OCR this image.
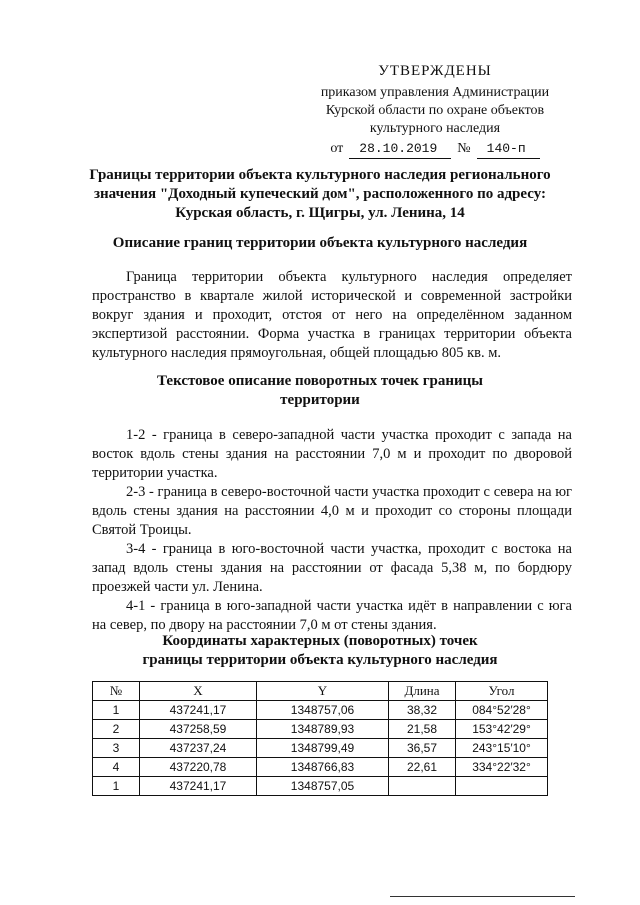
УТВЕРЖДЕНЫ
приказом управления Администрации
Курской области по охране объектов
культурного наследия
от	28.10.2019	№	140-п
Границы территории объекта культурного наследия регионального
значения "Доходный купеческий дом", расположенного по адресу:
Курская область, г. Щигры, ул. Ленина, 14
Описание границ территории объекта культурного наследия

Граница территории объекта культурного наследия определяет пространство в квартале жилой исторической и современной застройки вокруг здания и проходит, отстоя от него на определённом заданном экспертизой расстоянии. Форма участка в границах территории объекта культурного наследия прямоугольная, общей площадью 805 кв. м.

Текстовое описание поворотных точек границы
территории

1-2 - граница в северо-западной части участка проходит с запада на восток вдоль стены здания на расстоянии 7,0 м и проходит по дворовой территории участка.

2-3 - граница в северо-восточной части участка проходит с севера на юг вдоль стены здания на расстоянии 4,0 м и проходит со стороны площади Святой Троицы.

3-4 - граница в юго-восточной части участка, проходит с востока на запад вдоль стены здания на расстоянии от фасада 5,38 м, по бордюру проезжей части ул. Ленина.

4-1 - граница в юго-западной части участка идёт в направлении с юга на север, по двору на расстоянии 7,0 м от стены здания.

Координаты характерных (поворотных) точек
границы территории объекта культурного наследия
№	X	Y	Длина	Угол
1	437241,17	1348757,06	38,32	084°52′28°
2	437258,59	1348789,93	21,58	153°42′29°
3	437237,24	1348799,49	36,57	243°15′10°
4	437220,78	1348766,83	22,61	334°22′32°
1	437241,17	1348757,05		
